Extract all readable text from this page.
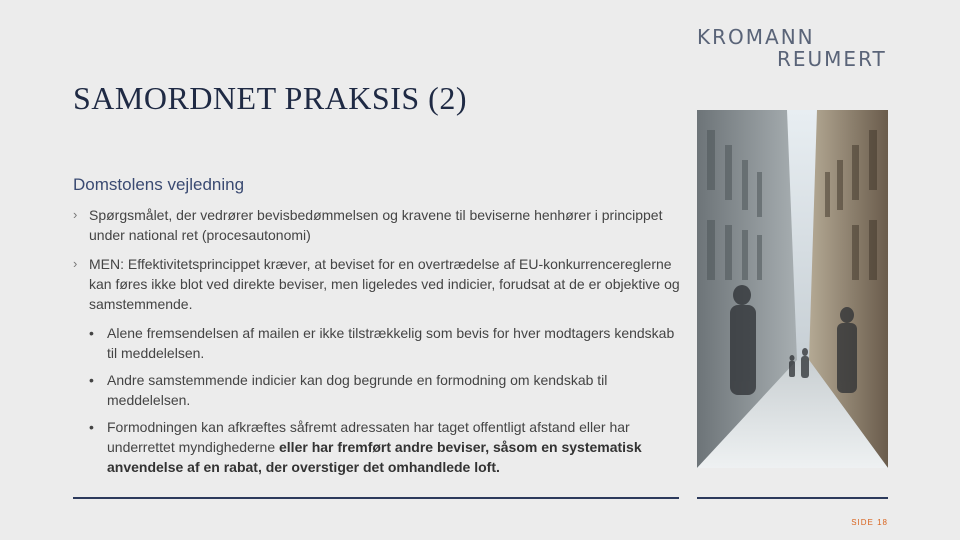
KROMANN
REUMERT
SAMORDNET PRAKSIS (2)
Domstolens vejledning
› Spørgsmålet, der vedrører bevisbedømmelsen og kravene til beviserne henhører i princippet under national ret (procesautonomi)
› MEN: Effektivitetsprincippet kræver, at beviset for en overtrædelse af EU-konkurrencereglerne kan føres ikke blot ved direkte beviser, men ligeledes ved indicier, forudsat at de er objektive og samstemmende.
• Alene fremsendelsen af mailen er ikke tilstrækkelig som bevis for hver modtagers kendskab til meddelelsen.
• Andre samstemmende indicier kan dog begrunde en formodning om kendskab til meddelelsen.
• Formodningen kan afkræftes såfremt adressaten har taget offentligt afstand eller har underrettet myndighederne eller har fremført andre beviser, såsom en systematisk anvendelse af en rabat, der overstiger det omhandlede loft.
SIDE 18
